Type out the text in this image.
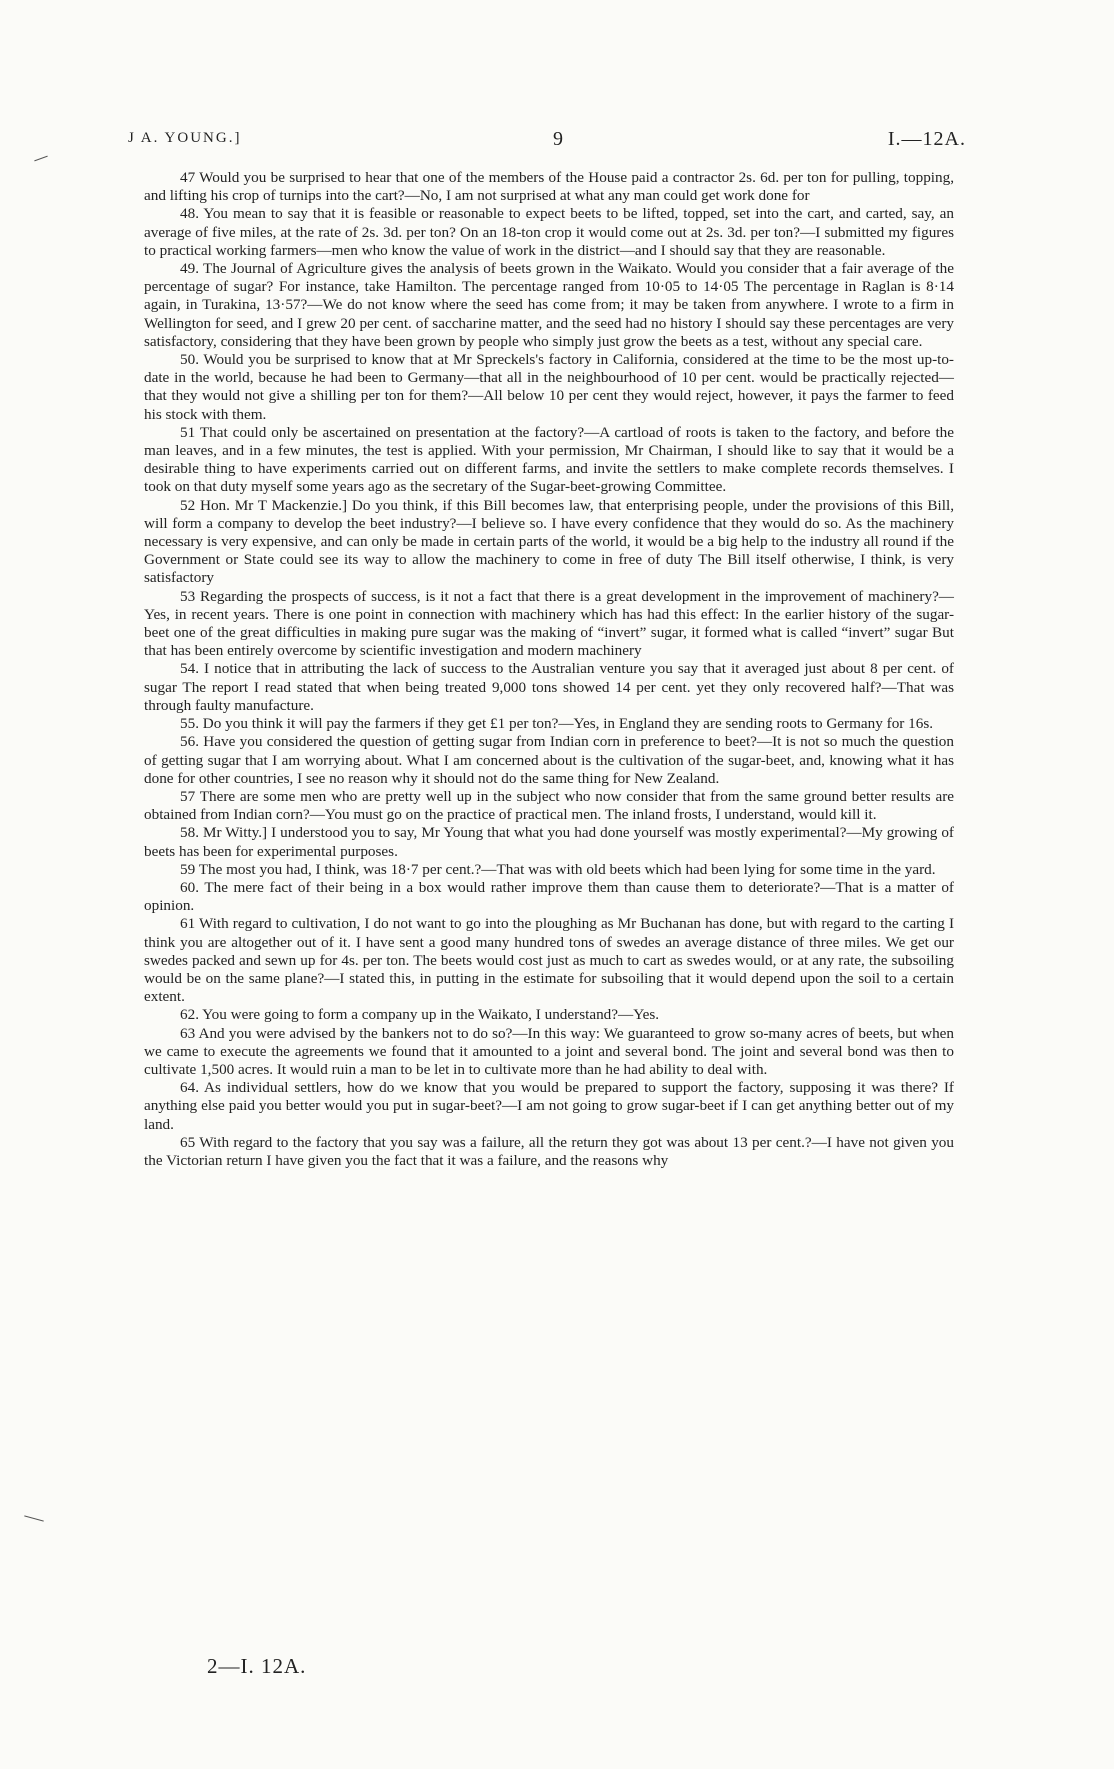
J A. YOUNG.]	9	I.—12A.

47 Would you be surprised to hear that one of the members of the House paid a contractor 2s. 6d. per ton for pulling, topping, and lifting his crop of turnips into the cart?—No, I am not surprised at what any man could get work done for

48. You mean to say that it is feasible or reasonable to expect beets to be lifted, topped, set into the cart, and carted, say, an average of five miles, at the rate of 2s. 3d. per ton? On an 18-ton crop it would come out at 2s. 3d. per ton?—I submitted my figures to practical working farmers—men who know the value of work in the district—and I should say that they are reasonable.

49. The Journal of Agriculture gives the analysis of beets grown in the Waikato. Would you consider that a fair average of the percentage of sugar? For instance, take Hamilton. The percentage ranged from 10·05 to 14·05 The percentage in Raglan is 8·14 again, in Turakina, 13·57?—We do not know where the seed has come from; it may be taken from anywhere. I wrote to a firm in Wellington for seed, and I grew 20 per cent. of saccharine matter, and the seed had no history I should say these percentages are very satisfactory, considering that they have been grown by people who simply just grow the beets as a test, without any special care.

50. Would you be surprised to know that at Mr Spreckels's factory in California, considered at the time to be the most up-to-date in the world, because he had been to Germany—that all in the neighbourhood of 10 per cent. would be practically rejected—that they would not give a shilling per ton for them?—All below 10 per cent they would reject, however, it pays the farmer to feed his stock with them.

51 That could only be ascertained on presentation at the factory?—A cartload of roots is taken to the factory, and before the man leaves, and in a few minutes, the test is applied. With your permission, Mr Chairman, I should like to say that it would be a desirable thing to have experiments carried out on different farms, and invite the settlers to make complete records themselves. I took on that duty myself some years ago as the secretary of the Sugar-beet-growing Committee.

52 Hon. Mr T Mackenzie.] Do you think, if this Bill becomes law, that enterprising people, under the provisions of this Bill, will form a company to develop the beet industry?—I believe so. I have every confidence that they would do so. As the machinery necessary is very expensive, and can only be made in certain parts of the world, it would be a big help to the industry all round if the Government or State could see its way to allow the machinery to come in free of duty The Bill itself otherwise, I think, is very satisfactory

53 Regarding the prospects of success, is it not a fact that there is a great development in the improvement of machinery?—Yes, in recent years. There is one point in connection with machinery which has had this effect: In the earlier history of the sugar-beet one of the great difficulties in making pure sugar was the making of “invert” sugar, it formed what is called “invert” sugar But that has been entirely overcome by scientific investigation and modern machinery

54. I notice that in attributing the lack of success to the Australian venture you say that it averaged just about 8 per cent. of sugar The report I read stated that when being treated 9,000 tons showed 14 per cent. yet they only recovered half?—That was through faulty manufacture.

55. Do you think it will pay the farmers if they get £1 per ton?—Yes, in England they are sending roots to Germany for 16s.

56. Have you considered the question of getting sugar from Indian corn in preference to beet?—It is not so much the question of getting sugar that I am worrying about. What I am concerned about is the cultivation of the sugar-beet, and, knowing what it has done for other countries, I see no reason why it should not do the same thing for New Zealand.

57 There are some men who are pretty well up in the subject who now consider that from the same ground better results are obtained from Indian corn?—You must go on the practice of practical men. The inland frosts, I understand, would kill it.

58. Mr Witty.] I understood you to say, Mr Young that what you had done yourself was mostly experimental?—My growing of beets has been for experimental purposes.

59 The most you had, I think, was 18·7 per cent.?—That was with old beets which had been lying for some time in the yard.

60. The mere fact of their being in a box would rather improve them than cause them to deteriorate?—That is a matter of opinion.

61 With regard to cultivation, I do not want to go into the ploughing as Mr Buchanan has done, but with regard to the carting I think you are altogether out of it. I have sent a good many hundred tons of swedes an average distance of three miles. We get our swedes packed and sewn up for 4s. per ton. The beets would cost just as much to cart as swedes would, or at any rate, the subsoiling would be on the same plane?—I stated this, in putting in the estimate for subsoiling that it would depend upon the soil to a certain extent.

62. You were going to form a company up in the Waikato, I understand?—Yes.

63 And you were advised by the bankers not to do so?—In this way: We guaranteed to grow so-many acres of beets, but when we came to execute the agreements we found that it amounted to a joint and several bond. The joint and several bond was then to cultivate 1,500 acres. It would ruin a man to be let in to cultivate more than he had ability to deal with.

64. As individual settlers, how do we know that you would be prepared to support the factory, supposing it was there? If anything else paid you better would you put in sugar-beet?—I am not going to grow sugar-beet if I can get anything better out of my land.

65 With regard to the factory that you say was a failure, all the return they got was about 13 per cent.?—I have not given you the Victorian return I have given you the fact that it was a failure, and the reasons why

2—I. 12A.
